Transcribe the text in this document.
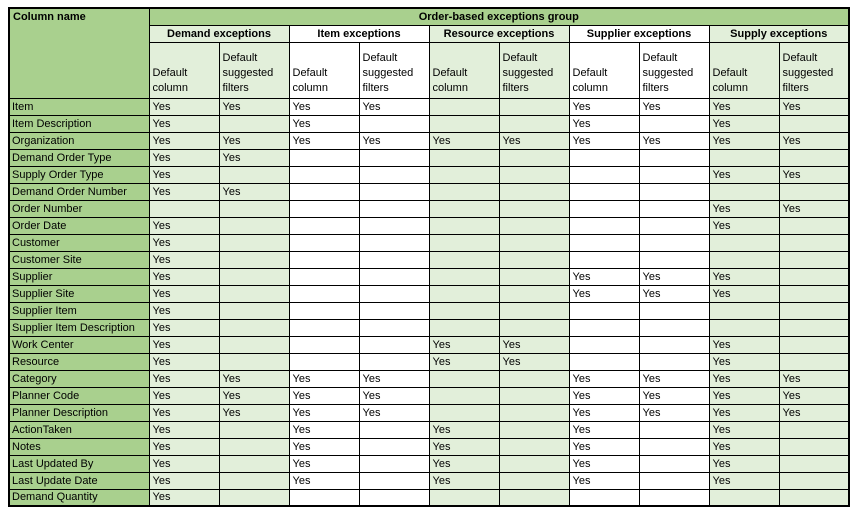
Column name	Order-based exceptions group									
	Demand exceptions		Item exceptions		Resource exceptions		Supplier exceptions		Supply exceptions	
	Default column	Default suggested filters	Default column	Default suggested filters	Default column	Default suggested filters	Default column	Default suggested filters	Default column	Default suggested filters
Item	Yes	Yes	Yes	Yes			Yes	Yes	Yes	Yes
Item Description	Yes		Yes				Yes		Yes	
Organization	Yes	Yes	Yes	Yes	Yes	Yes	Yes	Yes	Yes	Yes
Demand Order Type	Yes	Yes								
Supply Order Type	Yes								Yes	Yes
Demand Order Number	Yes	Yes								
Order Number									Yes	Yes
Order Date	Yes								Yes	
Customer	Yes									
Customer Site	Yes									
Supplier	Yes						Yes	Yes	Yes	
Supplier Site	Yes						Yes	Yes	Yes	
Supplier Item	Yes									
Supplier Item Description	Yes									
Work Center	Yes				Yes	Yes			Yes	
Resource	Yes				Yes	Yes			Yes	
Category	Yes	Yes	Yes	Yes			Yes	Yes	Yes	Yes
Planner Code	Yes	Yes	Yes	Yes			Yes	Yes	Yes	Yes
Planner Description	Yes	Yes	Yes	Yes			Yes	Yes	Yes	Yes
ActionTaken	Yes		Yes		Yes		Yes		Yes	
Notes	Yes		Yes		Yes		Yes		Yes	
Last Updated By	Yes		Yes		Yes		Yes		Yes	
Last Update Date	Yes		Yes		Yes		Yes		Yes	
Demand Quantity	Yes									
